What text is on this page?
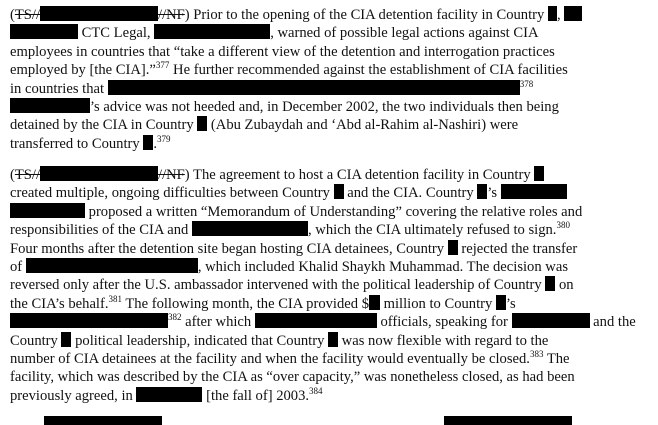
(TS//	//NF) Prior to the opening of the CIA detention facility in Country ,
CTC Legal,	, warned of possible legal actions against CIA
employees in countries that “take a different view of the detention and interrogation practices
employed by [the CIA].”$^{377}$ He further recommended against the establishment of CIA facilities
in countries that	$^{378}$
’s advice was not heeded and, in December 2002, the two individuals then being
detained by the CIA in Country  (Abu Zubaydah and ‘Abd al-Rahim al-Nashiri) were
transferred to Country .$^{379}$
(TS//	//NF) The agreement to host a CIA detention facility in Country
created multiple, ongoing difficulties between Country  and the CIA. Country ’s
proposed a written “Memorandum of Understanding” covering the relative roles and
responsibilities of the CIA and	, which the CIA ultimately refused to sign.$^{380}$
Four months after the detention site began hosting CIA detainees, Country  rejected the transfer
of	, which included Khalid Shaykh Muhammad. The decision was
reversed only after the U.S. ambassador intervened with the political leadership of Country  on
the CIA’s behalf.$^{381}$ The following month, the CIA provided $ million to Country ’s
$^{382}$ after which	officials, speaking for	and the
Country  political leadership, indicated that Country  was now flexible with regard to the
number of CIA detainees at the facility and when the facility would eventually be closed.$^{383}$ The
facility, which was described by the CIA as “over capacity,” was nonetheless closed, as had been
previously agreed, in	[the fall of] 2003.$^{384}$
